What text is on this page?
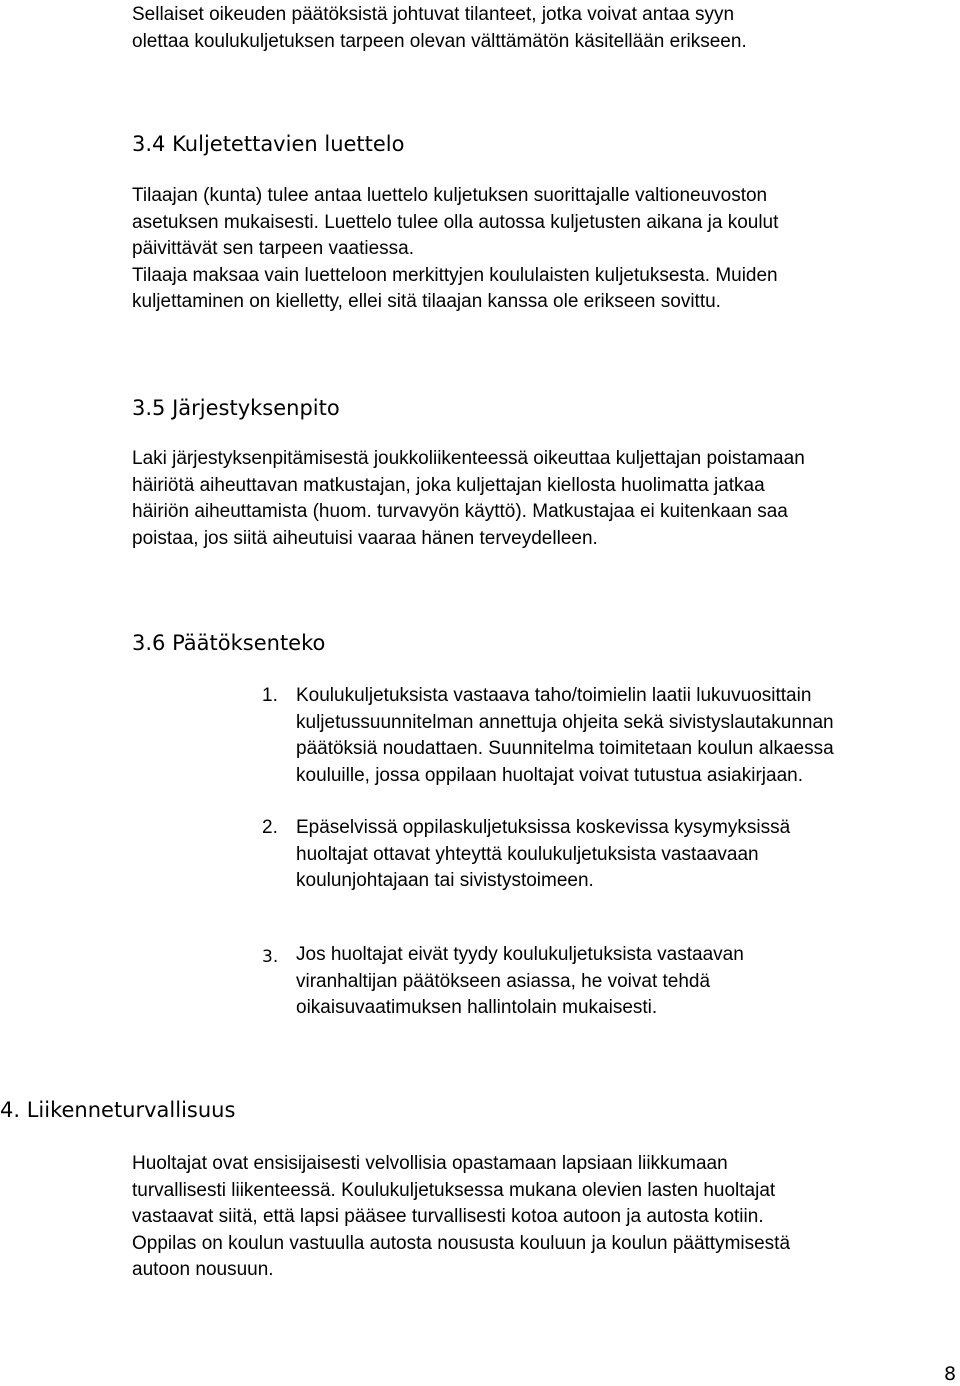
Sellaiset oikeuden päätöksistä johtuvat tilanteet, jotka voivat antaa syyn
olettaa koulukuljetuksen tarpeen olevan välttämätön käsitellään erikseen.
3.4 Kuljetettavien luettelo
Tilaajan (kunta) tulee antaa luettelo kuljetuksen suorittajalle valtioneuvoston
asetuksen mukaisesti. Luettelo tulee olla autossa kuljetusten aikana ja koulut
päivittävät sen tarpeen vaatiessa.
Tilaaja maksaa vain luetteloon merkittyjen koululaisten kuljetuksesta. Muiden
kuljettaminen on kielletty, ellei sitä tilaajan kanssa ole erikseen sovittu.
3.5 Järjestyksenpito
Laki järjestyksenpitämisestä joukkoliikenteessä oikeuttaa kuljettajan poistamaan
häiriötä aiheuttavan matkustajan, joka kuljettajan kiellosta huolimatta jatkaa
häiriön aiheuttamista (huom. turvavyön käyttö). Matkustajaa ei kuitenkaan saa
poistaa, jos siitä aiheutuisi vaaraa hänen terveydelleen.
3.6 Päätöksenteko
1. Koulukuljetuksista vastaava taho/toimielin laatii lukuvuosittain
kuljetussuunnitelman annettuja ohjeita sekä sivistyslautakunnan
päätöksiä noudattaen. Suunnitelma toimitetaan koulun alkaessa
kouluille, jossa oppilaan huoltajat voivat tutustua asiakirjaan.
2. Epäselvissä oppilaskuljetuksissa koskevissa kysymyksissä
huoltajat ottavat yhteyttä koulukuljetuksista vastaavaan
koulunjohtajaan tai sivistystoimeen.
3. Jos huoltajat eivät tyydy koulukuljetuksista vastaavan
viranhaltijan päätökseen asiassa, he voivat tehdä
oikaisuvaatimuksen hallintolain mukaisesti.
4. Liikenneturvallisuus
Huoltajat ovat ensisijaisesti velvollisia opastamaan lapsiaan liikkumaan
turvallisesti liikenteessä. Koulukuljetuksessa mukana olevien lasten huoltajat
vastaavat siitä, että lapsi pääsee turvallisesti kotoa autoon ja autosta kotiin.
Oppilas on koulun vastuulla autosta noususta kouluun ja koulun päättymisestä
autoon nousuun.
8
